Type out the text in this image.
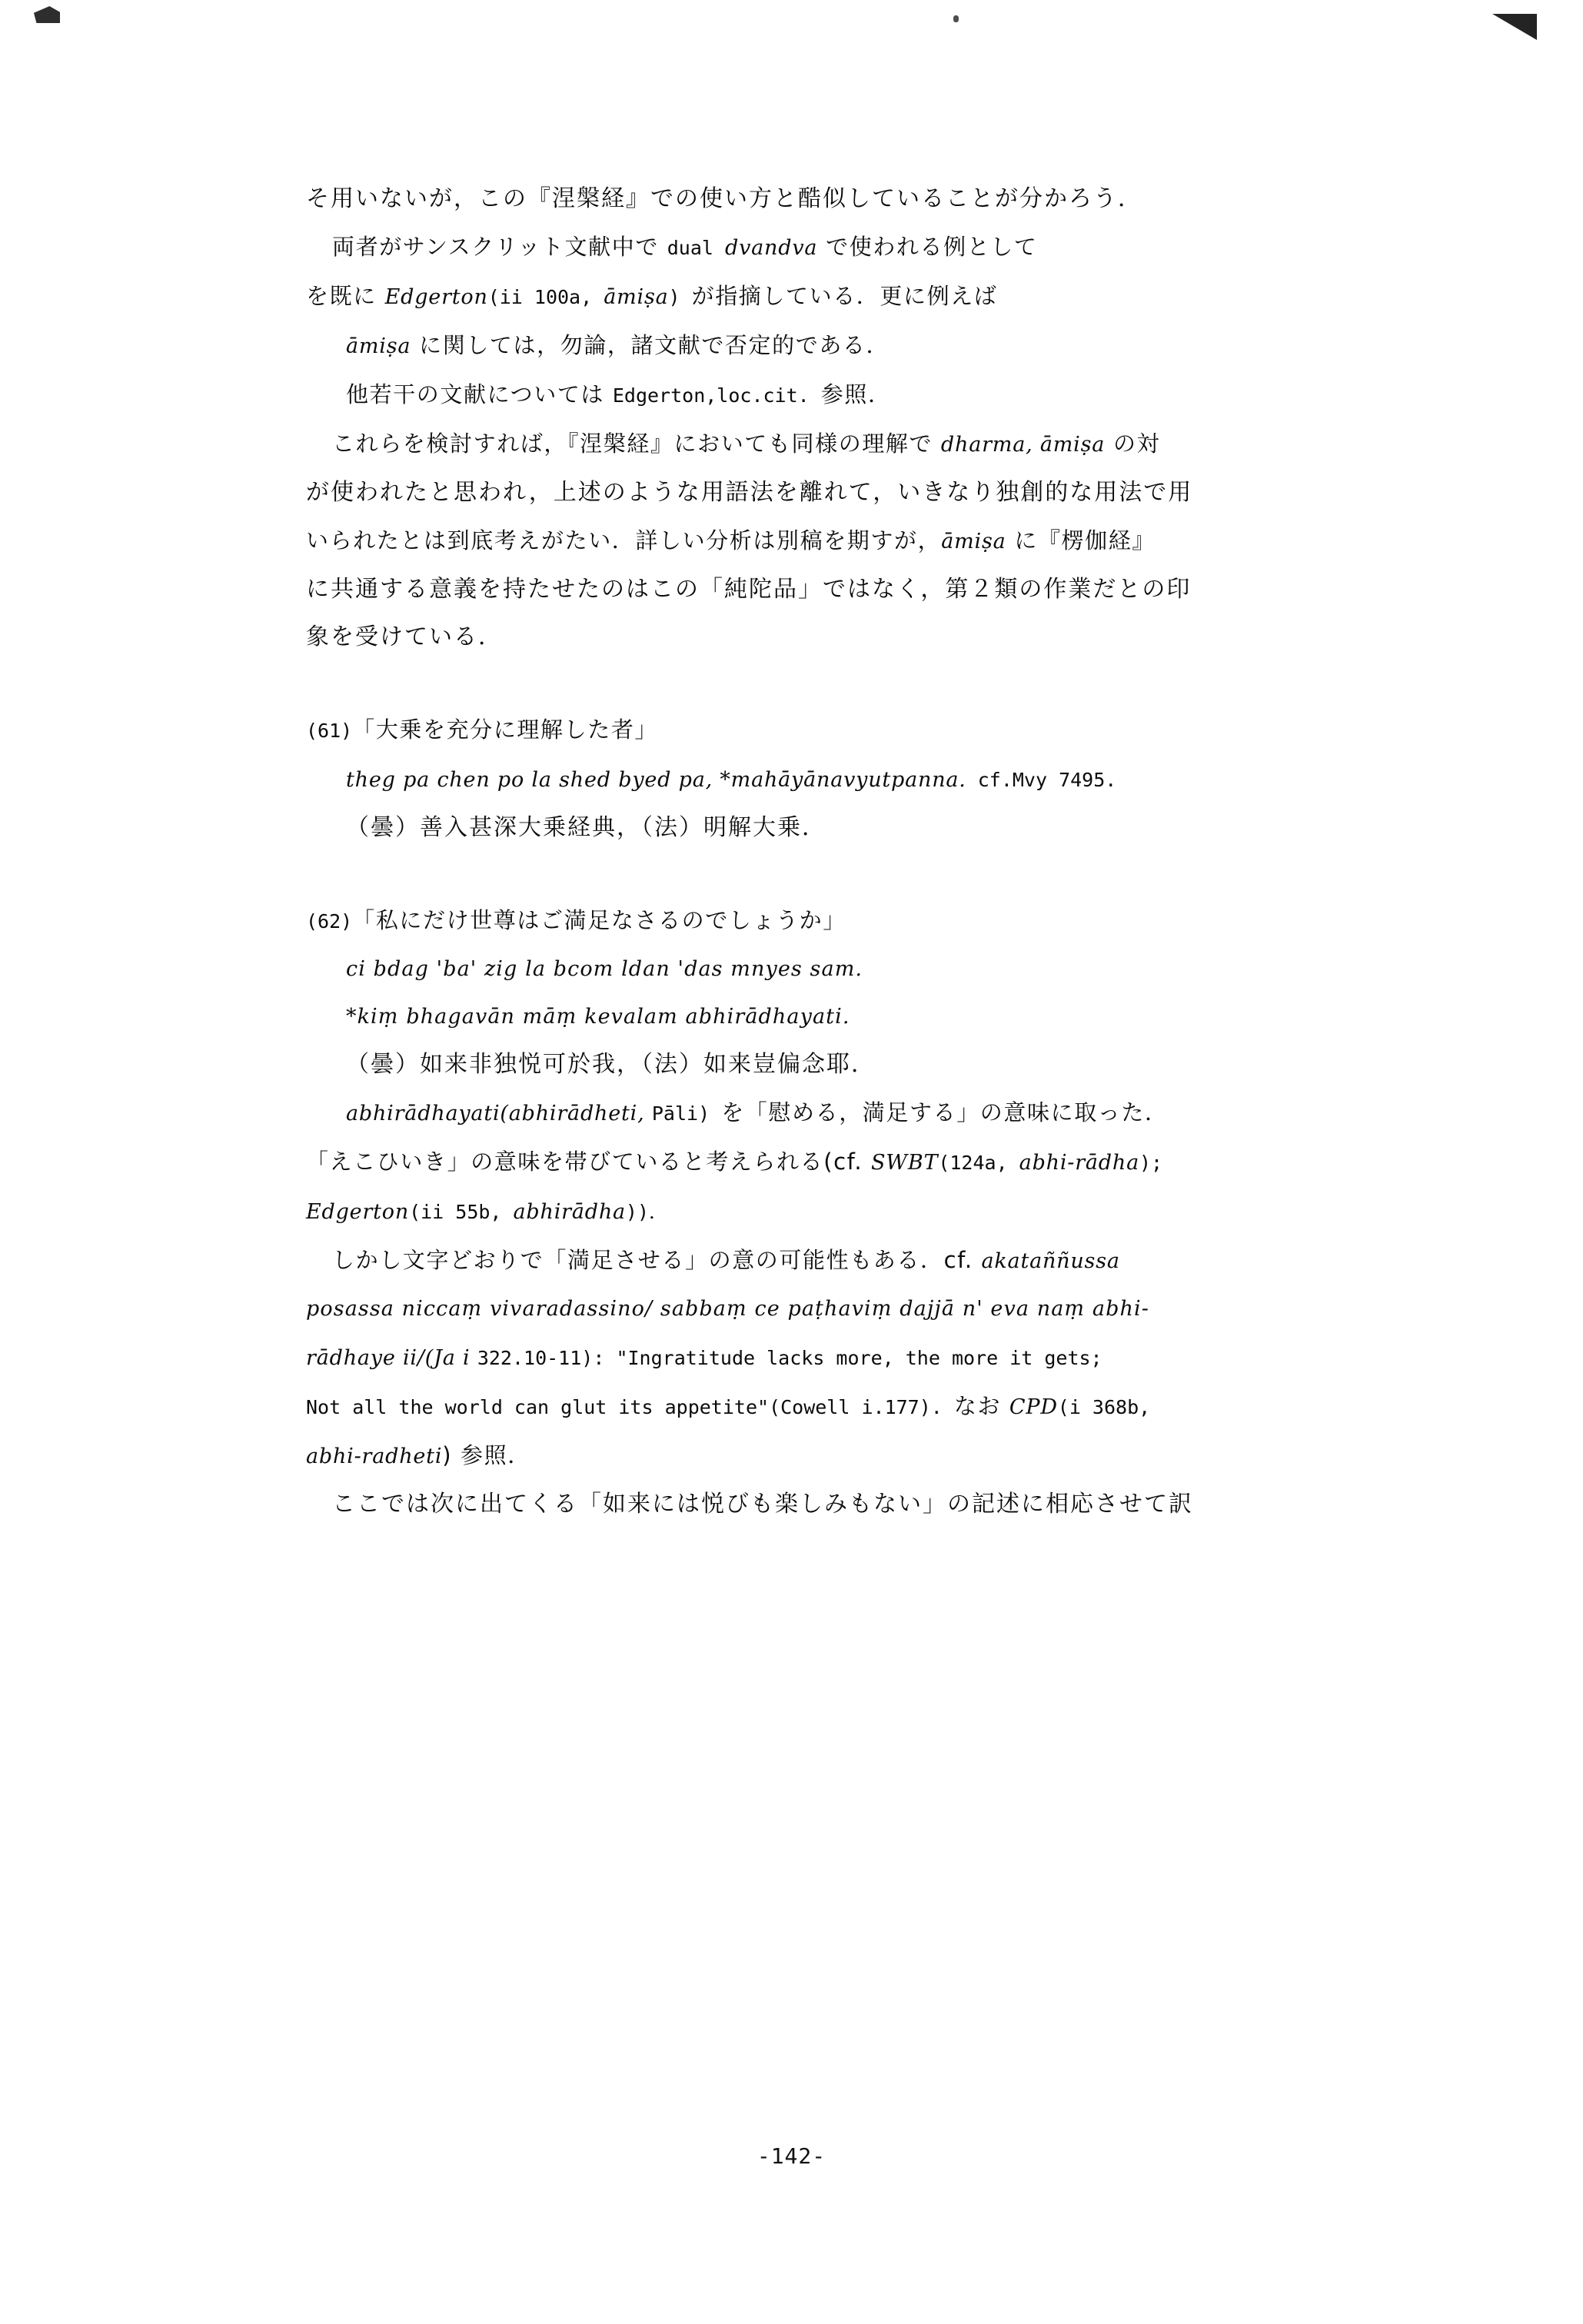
そ用いないが，この『涅槃経』での使い方と酷似していることが分かろう．
両者がサンスクリット文献中で dual dvandva で使われる例として
を既に Edgerton(ii 100a, āmiṣa) が指摘している．更に例えば
āmiṣa に関しては，勿論，諸文献で否定的である．
他若干の文献については Edgerton,loc.cit. 参照．
これらを検討すれば，『涅槃経』においても同様の理解で dharma, āmiṣa の対
が使われたと思われ，上述のような用語法を離れて，いきなり独創的な用法で用
いられたとは到底考えがたい．詳しい分析は別稿を期すが，āmiṣa に『楞伽経』
に共通する意義を持たせたのはこの「純陀品」ではなく，第２類の作業だとの印
象を受けている．
(61)「大乗を充分に理解した者」
theg pa chen po la shed byed pa, *mahāyānavyutpanna. cf.Mvy 7495.
（曇）善入甚深大乗経典，（法）明解大乗．
(62)「私にだけ世尊はご満足なさるのでしょうか」
ci bdag 'ba' zig la bcom ldan 'das mnyes sam.
*kiṃ bhagavān māṃ kevalam abhirādhayati.
（曇）如来非独悦可於我，（法）如来豈偏念耶．
abhirādhayati(abhirādheti, Pāli) を「慰める，満足する」の意味に取った．
「えこひいき」の意味を帯びていると考えられる(cf. SWBT(124a, abhi-rādha);
Edgerton(ii 55b, abhirādha))．
しかし文字どおりで「満足させる」の意の可能性もある．cf. akataññussa
posassa niccaṃ vivaradassino/ sabbaṃ ce paṭhaviṃ dajjā n' eva naṃ abhi-
rādhaye ii/(Ja i 322.10-11): "Ingratitude lacks more, the more it gets;
Not all the world can glut its appetite"(Cowell i.177). なお CPD(i 368b,
abhi-radheti) 参照．
ここでは次に出てくる「如来には悦びも楽しみもない」の記述に相応させて訳
-142-
